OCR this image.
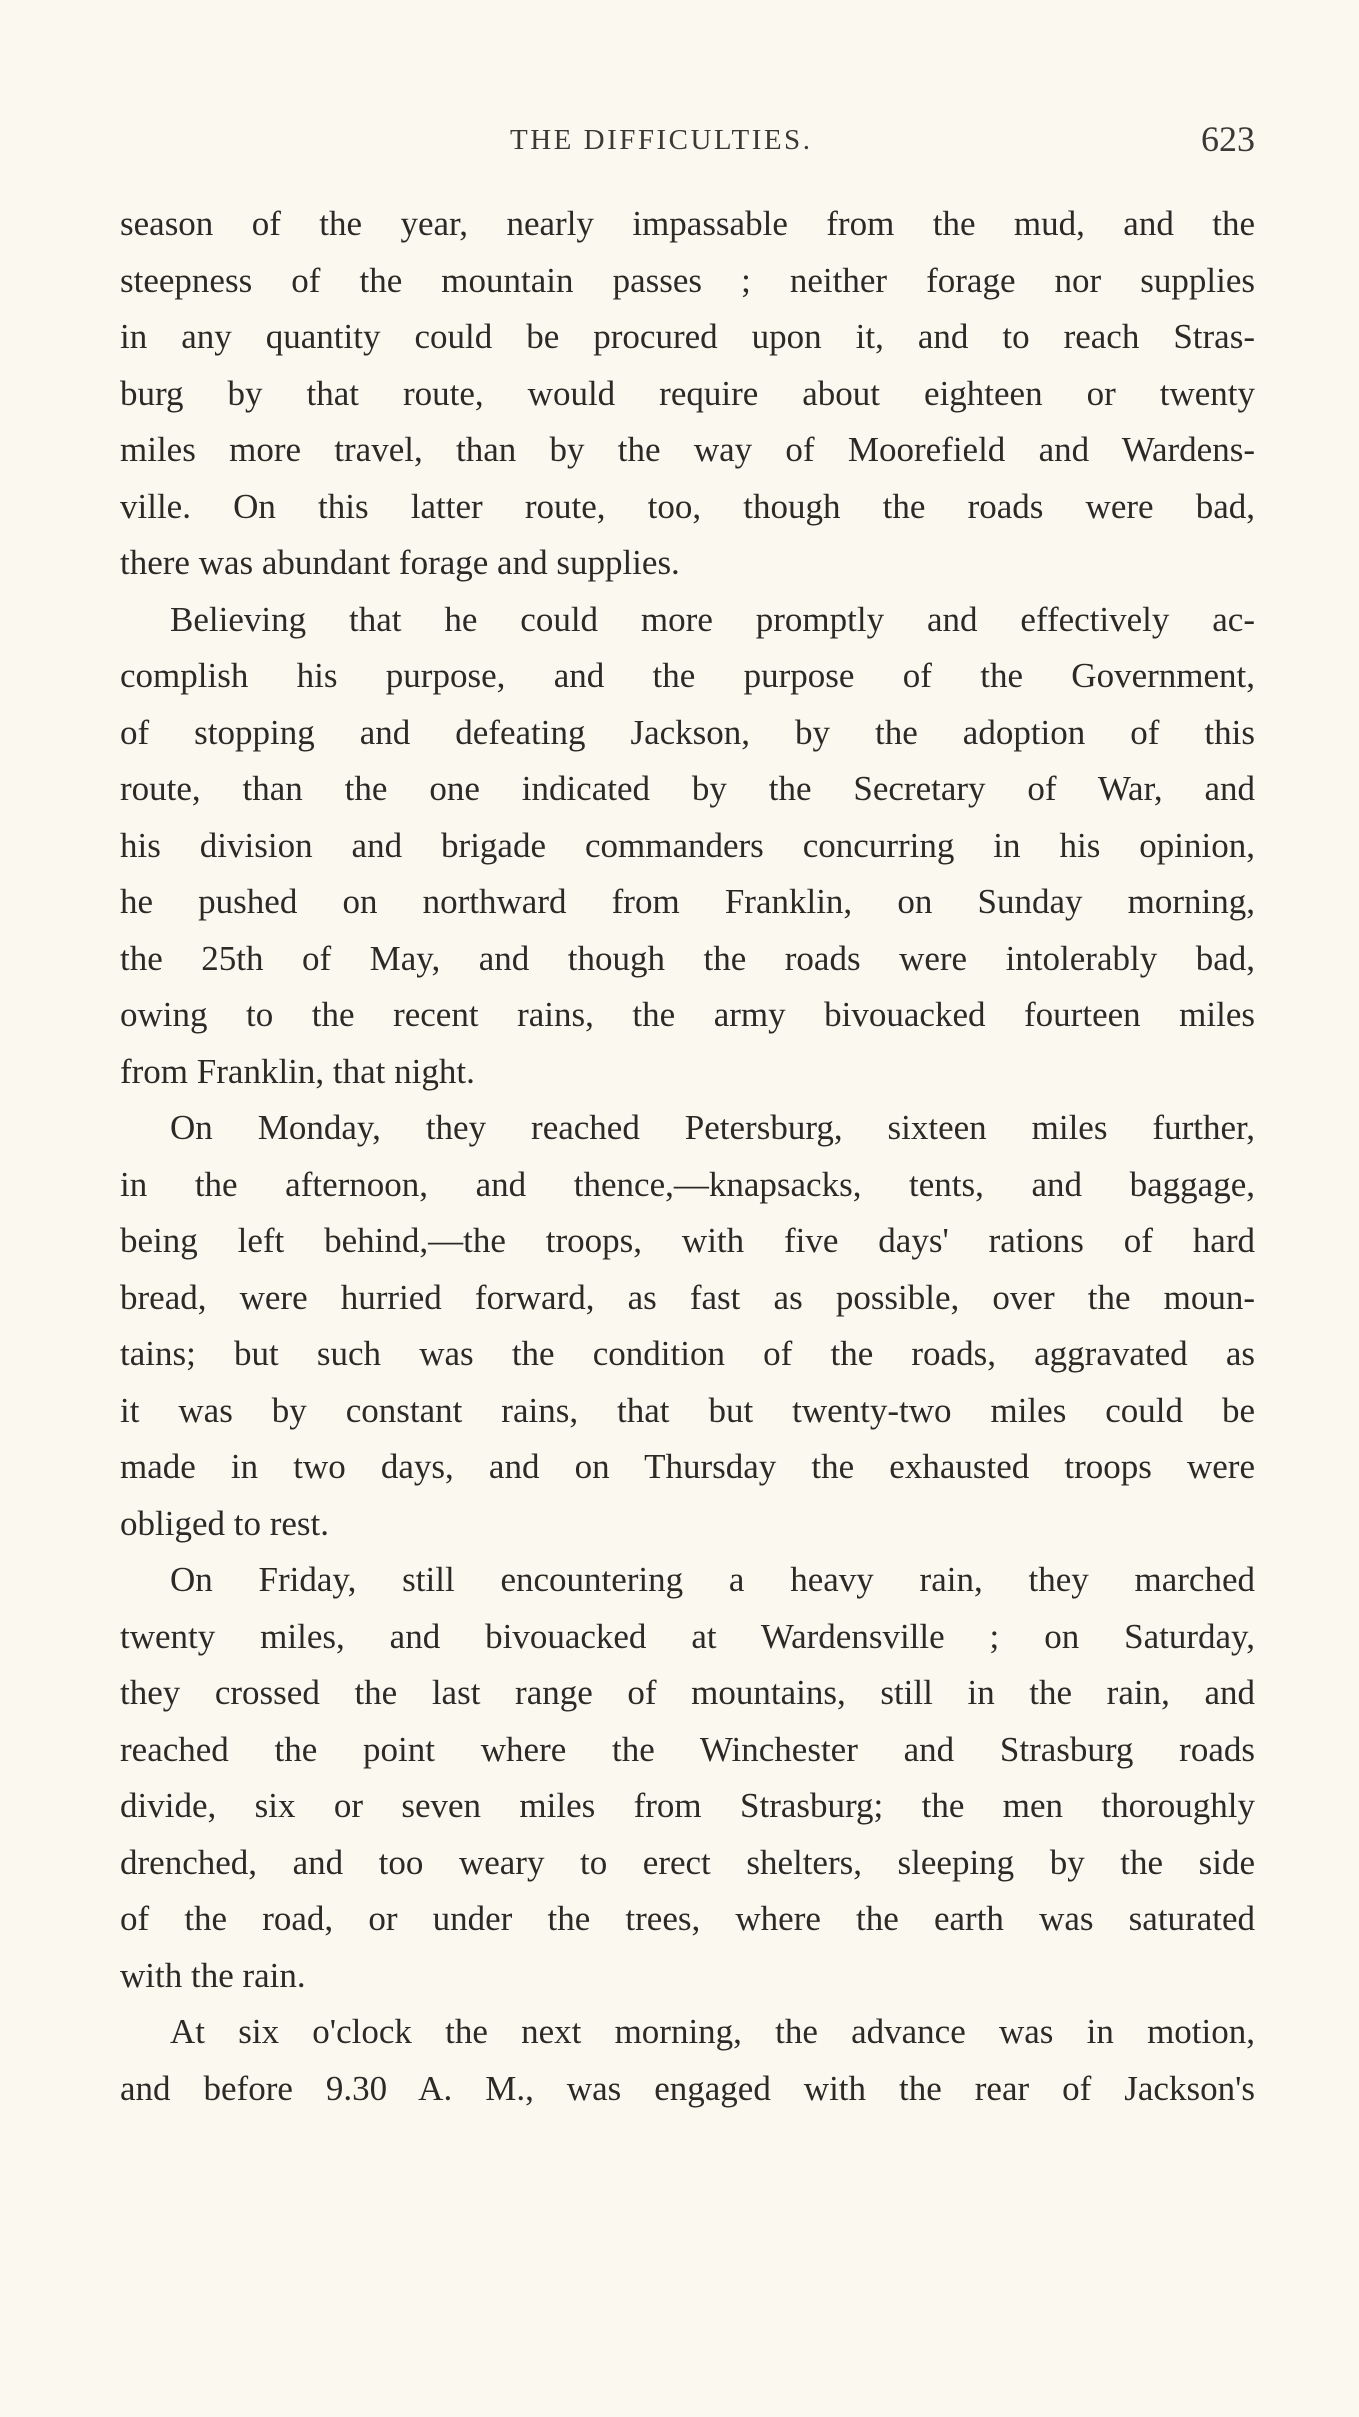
THE DIFFICULTIES.	623
season of the year, nearly impassable from the mud, and the
steepness of the mountain passes ; neither forage nor supplies
in any quantity could be procured upon it, and to reach Stras-
burg by that route, would require about eighteen or twenty
miles more travel, than by the way of Moorefield and Wardens-
ville. On this latter route, too, though the roads were bad,
there was abundant forage and supplies.
Believing that he could more promptly and effectively ac-
complish his purpose, and the purpose of the Government,
of stopping and defeating Jackson, by the adoption of this
route, than the one indicated by the Secretary of War, and
his division and brigade commanders concurring in his opinion,
he pushed on northward from Franklin, on Sunday morning,
the 25th of May, and though the roads were intolerably bad,
owing to the recent rains, the army bivouacked fourteen miles
from Franklin, that night.
On Monday, they reached Petersburg, sixteen miles further,
in the afternoon, and thence,—knapsacks, tents, and baggage,
being left behind,—the troops, with five days' rations of hard
bread, were hurried forward, as fast as possible, over the moun-
tains; but such was the condition of the roads, aggravated as
it was by constant rains, that but twenty-two miles could be
made in two days, and on Thursday the exhausted troops were
obliged to rest.
On Friday, still encountering a heavy rain, they marched
twenty miles, and bivouacked at Wardensville ; on Saturday,
they crossed the last range of mountains, still in the rain, and
reached the point where the Winchester and Strasburg roads
divide, six or seven miles from Strasburg; the men thoroughly
drenched, and too weary to erect shelters, sleeping by the side
of the road, or under the trees, where the earth was saturated
with the rain.
At six o'clock the next morning, the advance was in motion,
and before 9.30 A. M., was engaged with the rear of Jackson's
